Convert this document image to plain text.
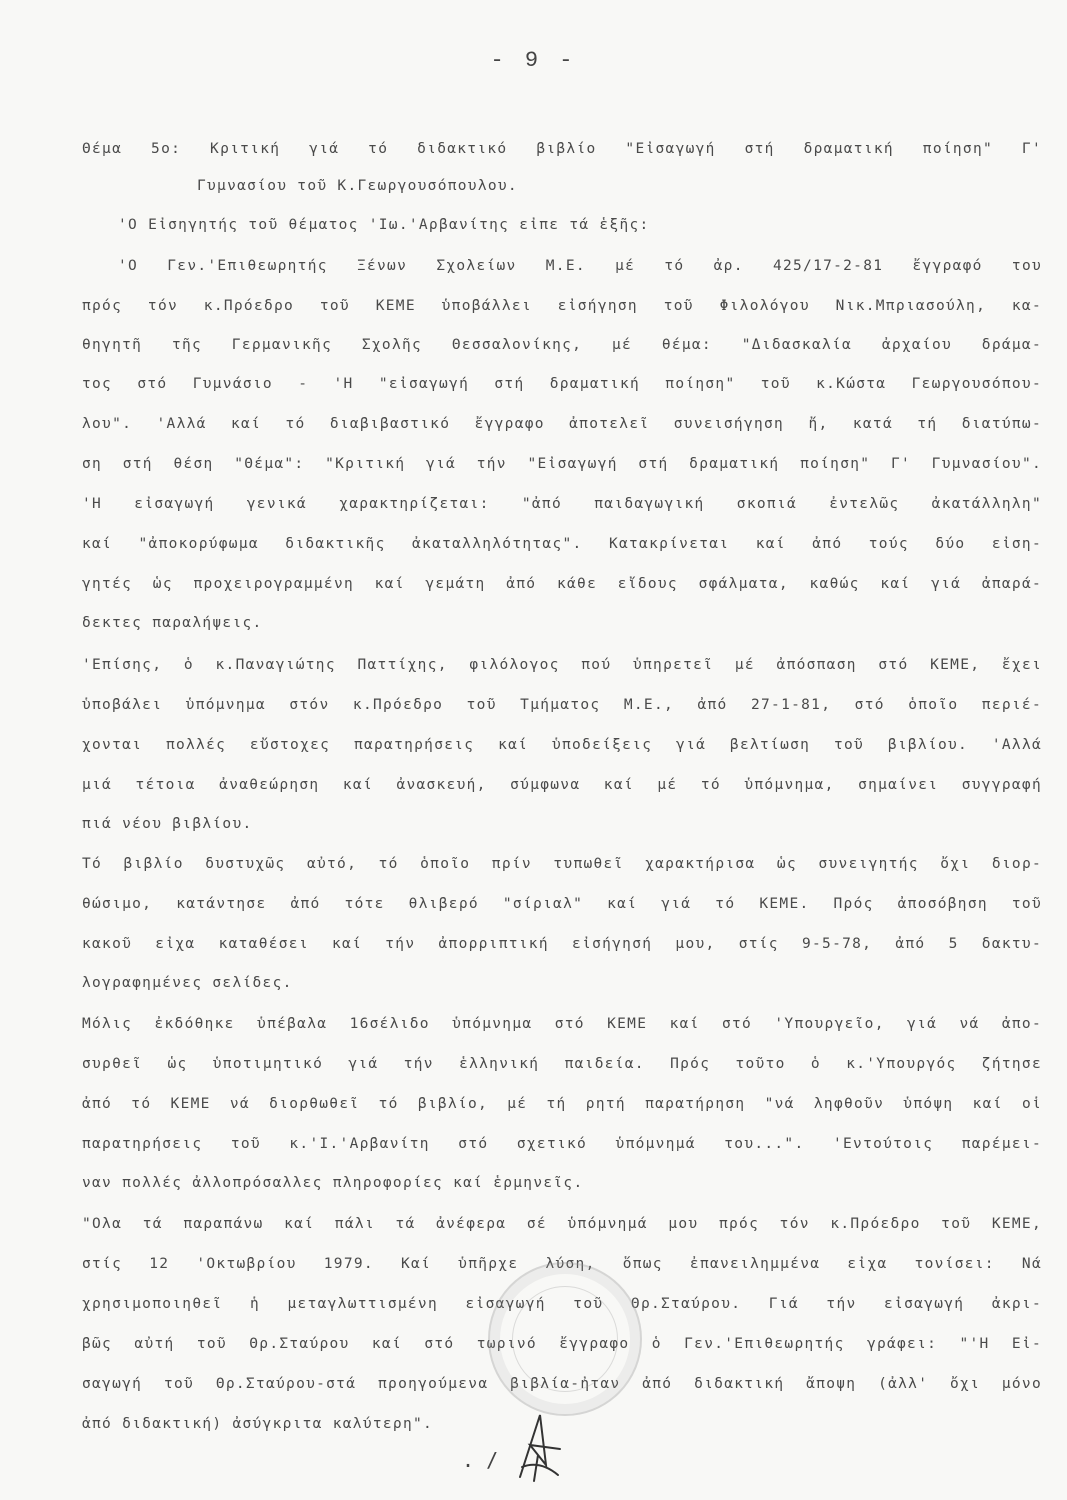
- 9 -
Θέμα 5ο: Κριτική γιά τό διδακτικό βιβλίο "Εἰσαγωγή στή δραματική ποίηση" Γ'
Γυμνασίου τοῦ Κ.Γεωργουσόπουλου.
'Ο Εἰσηγητής τοῦ θέματος 'Ιω.'Αρβανίτης εἶπε τά ἑξῆς:
'Ο Γεν.'Επιθεωρητής Ξένων Σχολείων Μ.Ε. μέ τό ἀρ. 425/17-2-81 ἔγγραφό του
πρός τόν κ.Πρόεδρο τοῦ ΚΕΜΕ ὑποβάλλει εἰσήγηση τοῦ Φιλολόγου Νικ.Μπριασούλη, κα-
θηγητῆ τῆς Γερμανικῆς Σχολῆς Θεσσαλονίκης, μέ θέμα: "Διδασκαλία ἀρχαίου δράμα-
τος στό Γυμνάσιο - 'Η "εἰσαγωγή στή δραματική ποίηση" τοῦ κ.Κώστα Γεωργουσόπου-
λου". 'Αλλά καί τό διαβιβαστικό ἔγγραφο ἀποτελεῖ συνεισήγηση ἤ, κατά τή διατύπω-
ση στή θέση "Θέμα": "Κριτική γιά τήν "Εἰσαγωγή στή δραματική ποίηση" Γ' Γυμνασίου".
'Η εἰσαγωγή γενικά χαρακτηρίζεται: "ἀπό παιδαγωγική σκοπιά ἐντελῶς ἀκατάλληλη"
καί "ἀποκορύφωμα διδακτικῆς ἀκαταλληλότητας". Κατακρίνεται καί ἀπό τούς δύο εἰση-
γητές ὡς προχειρογραμμένη καί γεμάτη ἀπό κάθε εἴδους σφάλματα, καθώς καί γιά ἀπαρά-
δεκτες παραλήψεις.
'Επίσης, ὁ κ.Παναγιώτης Παττίχης, φιλόλογος πού ὑπηρετεῖ μέ ἀπόσπαση στό ΚΕΜΕ, ἔχει
ὑποβάλει ὑπόμνημα στόν κ.Πρόεδρο τοῦ Τμήματος Μ.Ε., ἀπό 27-1-81, στό ὁποῖο περιέ-
χονται πολλές εὔστοχες παρατηρήσεις καί ὑποδείξεις γιά βελτίωση τοῦ βιβλίου. 'Αλλά
μιά τέτοια ἀναθεώρηση καί ἀνασκευή, σύμφωνα καί μέ τό ὑπόμνημα, σημαίνει συγγραφή
πιά νέου βιβλίου.
Τό βιβλίο δυστυχῶς αὐτό, τό ὁποῖο πρίν τυπωθεῖ χαρακτήρισα ὡς συνειγητής ὄχι διορ-
θώσιμο, κατάντησε ἀπό τότε θλιβερό "σίριαλ" καί γιά τό ΚΕΜΕ. Πρός ἀποσόβηση τοῦ
κακοῦ εἶχα καταθέσει καί τήν ἀπορριπτική εἰσήγησή μου, στίς 9-5-78, ἀπό 5 δακτυ-
λογραφημένες σελίδες.
Μόλις ἐκδόθηκε ὑπέβαλα 16σέλιδο ὑπόμνημα στό ΚΕΜΕ καί στό 'Υπουργεῖο, γιά νά ἀπο-
συρθεῖ ὡς ὑποτιμητικό γιά τήν ἑλληνική παιδεία. Πρός τοῦτο ὁ κ.'Υπουργός ζήτησε
ἀπό τό ΚΕΜΕ νά διορθωθεῖ τό βιβλίο, μέ τή ρητή παρατήρηση "νά ληφθοῦν ὑπόψη καί οἱ
παρατηρήσεις τοῦ κ.'Ι.'Αρβανίτη στό σχετικό ὑπόμνημά του...". 'Εντούτοις παρέμει-
ναν πολλές ἀλλοπρόσαλλες πληροφορίες καί ἑρμηνεῖς.
"Ολα τά παραπάνω καί πάλι τά ἀνέφερα σέ ὑπόμνημά μου πρός τόν κ.Πρόεδρο τοῦ ΚΕΜΕ,
στίς 12 'Οκτωβρίου 1979. Καί ὑπῆρχε λύση, ὅπως ἐπανειλημμένα εἶχα τονίσει: Νά
χρησιμοποιηθεῖ ἡ μεταγλωττισμένη εἰσαγωγή τοῦ Θρ.Σταύρου. Γιά τήν εἰσαγωγή ἀκρι-
βῶς αὐτή τοῦ Θρ.Σταύρου καί στό τωρινό ἔγγραφο ὁ Γεν.'Επιθεωρητής γράφει: "'Η Εἰ-
σαγωγή τοῦ Θρ.Σταύρου-στά προηγούμενα βιβλία-ἦταν ἀπό διδακτική ἄποψη (ἀλλ' ὄχι μόνο
ἀπό διδακτική) ἀσύγκριτα καλύτερη".
. /
